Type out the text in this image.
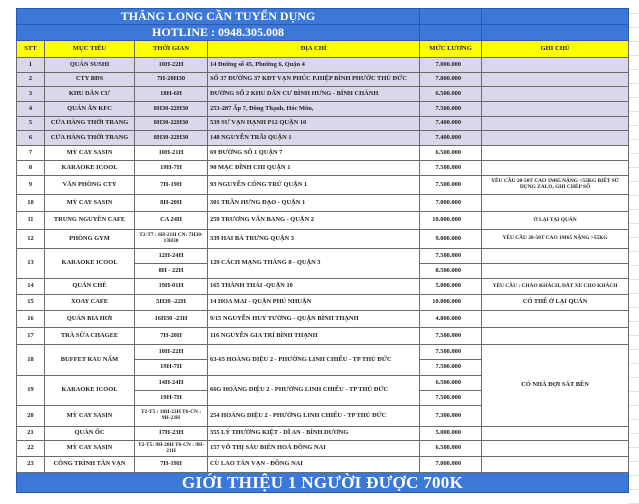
THĂNG LONG CẦN TUYỂN DỤNG					
HOTLINE : 0948.305.008					
STT	MỤC TIÊU	THỜI GIAN	ĐỊA CHỈ	MỨC LƯƠNG	GHI CHÚ
1	QUÁN SUSHI	10H-22H	14 Đường số 45, Phường 6, Quận 4	7.000.000	
2	CTY BĐS	7H-20H30	SỐ 37 ĐƯỜNG 37 KĐT VẠN PHÚC P.HIỆP BÌNH PHƯỚC THỦ ĐỨC	7.800.000	
3	KHU DÂN CƯ	18H-6H	ĐƯỜNG SỐ 2 KHU DÂN CƯ BÌNH HƯNG - BÌNH CHÁNH	6.500.000	
4	QUÁN ĂN KFC	8H30-22H30	253-287 Ấp 7, Đông Thạnh, Hóc Môn,	7.500.000	
5	CỬA HÀNG THỜI TRANG	8H30-22H30	539 SƯ VẠN HẠNH P12 QUẬN 10	7.400.000	
6	CỬA HÀNG THỜI TRANG	8H30-22H30	148 NGUYỄN TRÃI QUẬN 1	7.400.000	
7	MỲ CAY SASIN	10H-21H	69 ĐƯỜNG SỐ 1 QUẬN 7	6.500.000	
8	KARAOKE ICOOL	19H-7H	90 MẠC ĐĨNH CHI QUẬN 1	7.500.000	
9	VĂN PHÒNG CTY	7H-19H	93 NGUYỄN CÔNG TRỨ QUẬN 1	7.500.000	YÊU CẦU 20-50T CAO 1M65 NẶNG >55KG BIẾT SỬ DỤNG ZALO, GHI CHÉP SỔ
10	MỲ CAY SASIN	8H-20H	301 TRẦN HƯNG ĐẠO - QUẬN 1	7.000.000	
11	TRUNG NGUYÊN CAFE	CA 24H	259 TRƯƠNG VĂN BANG - QUẬN 2	10.000.000	Ở LẠI TẠI QUÁN
12	PHÒNG GYM	T2-T7 : 6H-21H CN: 7H30-13H30	339 HAI BÀ TRƯNG QUẬN 3	9.000.000	YÊU CẦU 20-50T CAO 1M65 NẶNG >55KG
13	KARAOKE ICOOL	12H-24H	129 CÁCH MẠNG THÁNG 8 - QUẬN 3	7.500.000	
		8H - 22H		8.500.000	
14	QUÁN CHÈ	19H-01H	165 THÀNH THÁI -QUẬN 10	5.000.000	YÊU CẦU : CHÀO KHÁCH, DẮT XE CHO KHÁCH
15	XOAY CAFE	5H30 -22H	14 HOA MAI - QUẬN PHÚ NHUẬN	10.000.000	CÓ THỂ Ở LẠI QUÁN
16	QUÁN BIA HƠI	16H30 -23H	9/15 NGUYỄN HUY TƯỞNG - QUẬN BÌNH THẠNH	4.800.000	
17	TRÀ SỮA CHAGEE	7H-20H	116 NGUYỄN GIA TRÍ BÌNH THẠNH	7.500.000	
18	BUFFET RAU NẤM	10H-22H	63-65 HOÀNG DIỆU 2 - PHƯỜNG LINH CHIỂU - TP THỦ ĐỨC	7.500.000	CÓ NHÀ ĐỢI SÁT BÊN
		19H-7H		7.500.000	
19	KARAOKE ICOOL	14H-24H	66G HOÀNG DIỆU 2 - PHƯỜNG LINH CHIỂU - TP THỦ ĐỨC	6.500.000	
		19H-7H		7.500.000	
20	MỲ CAY SASIN	T2-T5 : 10H-23H T6-CN : 9H-23H	254 HOÀNG DIỆU 2 - PHƯỜNG LINH CHIỂU - TP THỦ ĐỨC	7.300.000	
21	QUÁN ỐC	17H-23H	355 LÝ THƯỜNG KIỆT - DĨ AN - BÌNH DƯƠNG	5.000.000	
22	MỲ CAY SASIN	T2-T5: 9H-20H T6-CN : 9H-21H	157 VÕ THỊ SÁU BIÊN HOÀ ĐỒNG NAI	6.500.000	
23	CÔNG TRÌNH TÂN VẠN	7H-19H	CÙ LAO TÂN VẠN - ĐỒNG NAI	7.000.000	
GIỚI THIỆU 1 NGƯỜI ĐƯỢC 700K					
